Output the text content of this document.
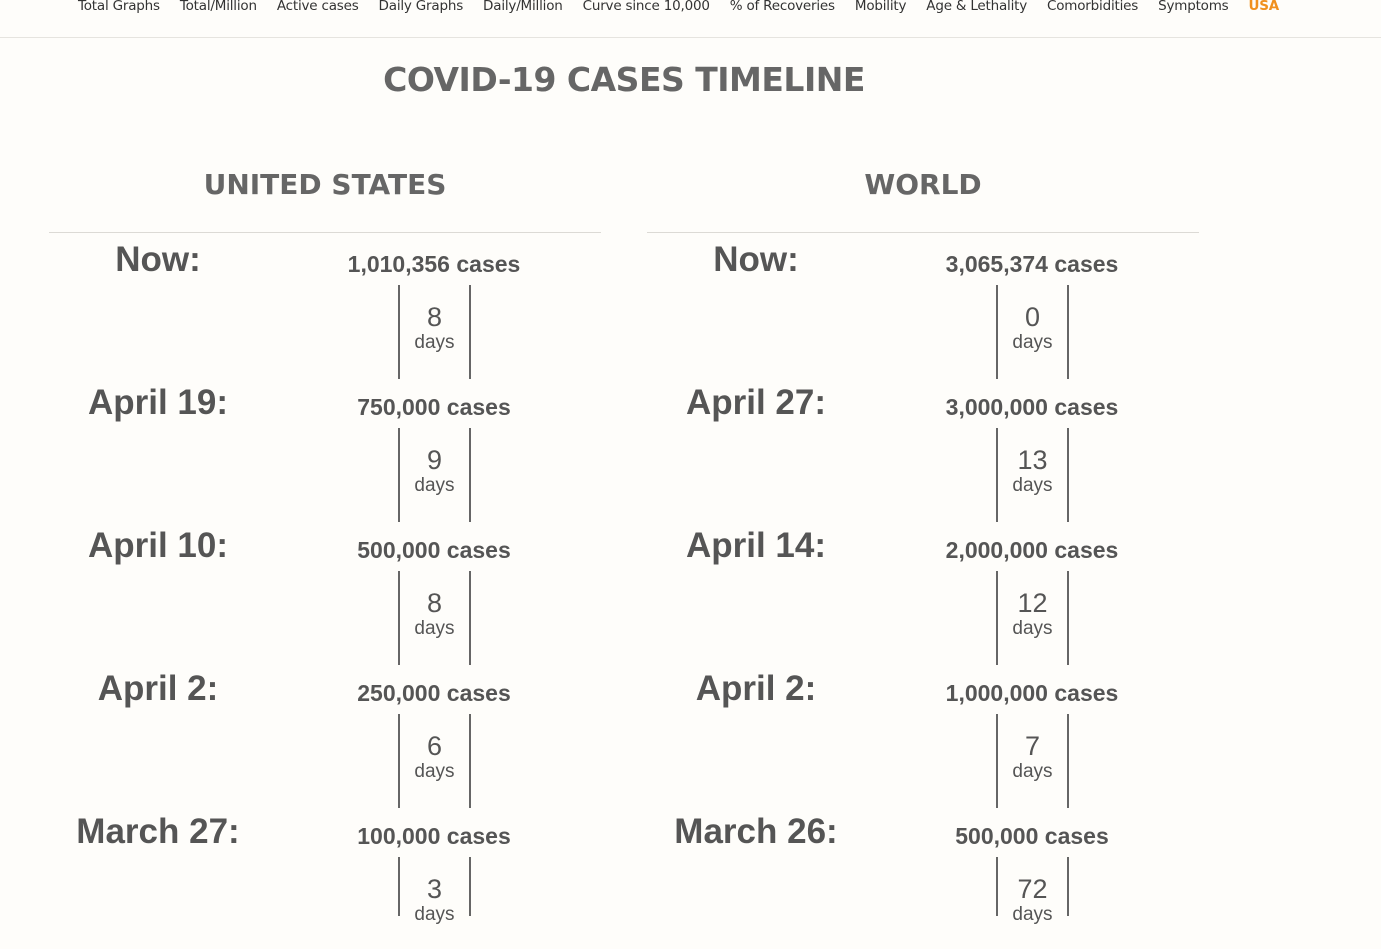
Total Graphs Total/Million Active cases Daily Graphs Daily/Million Curve since 10,000 % of Recoveries Mobility Age & Lethality Comorbidities Symptoms USA
COVID-19 CASES TIMELINE
UNITED STATES
Now:	1,010,356 cases
8
days
April 19:	750,000 cases
9
days
April 10:	500,000 cases
8
days
April 2:	250,000 cases
6
days
March 27:	100,000 cases
3
days
WORLD
Now:	3,065,374 cases
0
days
April 27:	3,000,000 cases
13
days
April 14:	2,000,000 cases
12
days
April 2:	1,000,000 cases
7
days
March 26:	500,000 cases
72
days
